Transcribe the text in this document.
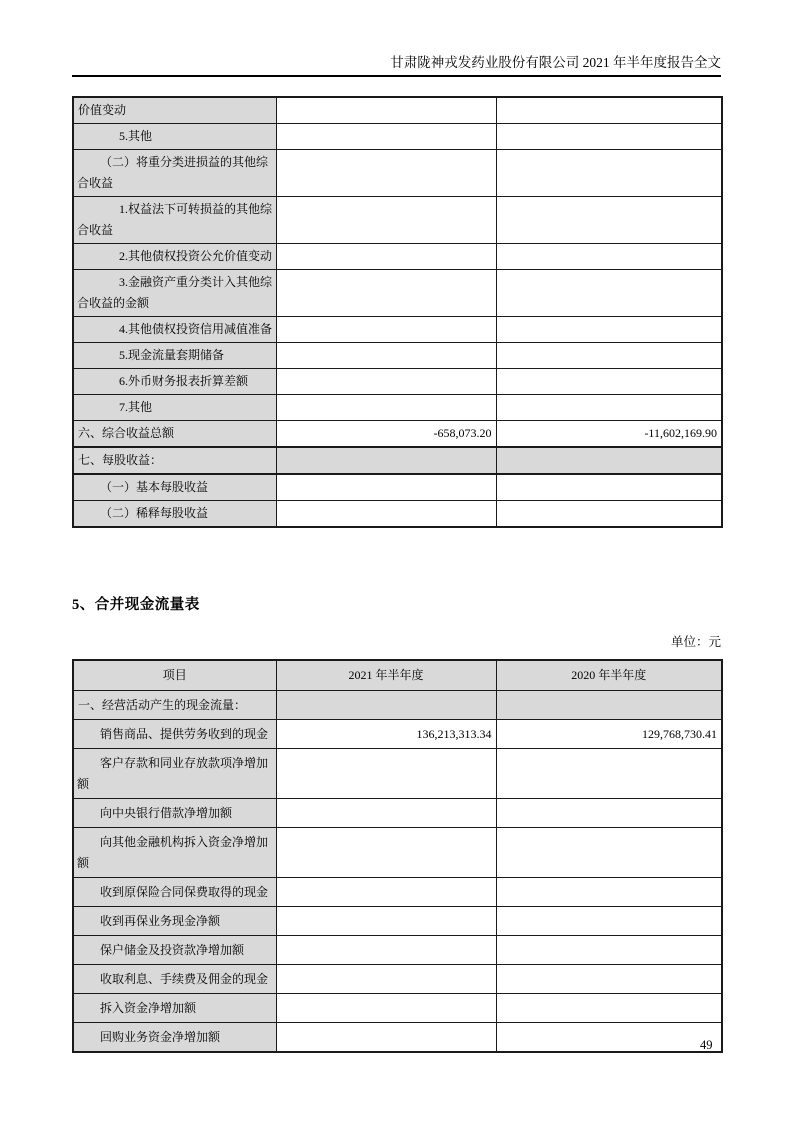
甘肃陇神戎发药业股份有限公司 2021 年半年度报告全文
价值变动		
5.其他		
（二）将重分类进损益的其他综合收益		
1.权益法下可转损益的其他综合收益		
2.其他债权投资公允价值变动		
3.金融资产重分类计入其他综合收益的金额		
4.其他债权投资信用减值准备		
5.现金流量套期储备		
6.外币财务报表折算差额		
7.其他		
六、综合收益总额	-658,073.20	-11,602,169.90
七、每股收益：		
（一）基本每股收益		
（二）稀释每股收益		
5、合并现金流量表
单位：元
项目	2021 年半年度	2020 年半年度
一、经营活动产生的现金流量：		
销售商品、提供劳务收到的现金	136,213,313.34	129,768,730.41
客户存款和同业存放款项净增加额		
向中央银行借款净增加额		
向其他金融机构拆入资金净增加额		
收到原保险合同保费取得的现金		
收到再保业务现金净额		
保户储金及投资款净增加额		
收取利息、手续费及佣金的现金		
拆入资金净增加额		
回购业务资金净增加额		
49
